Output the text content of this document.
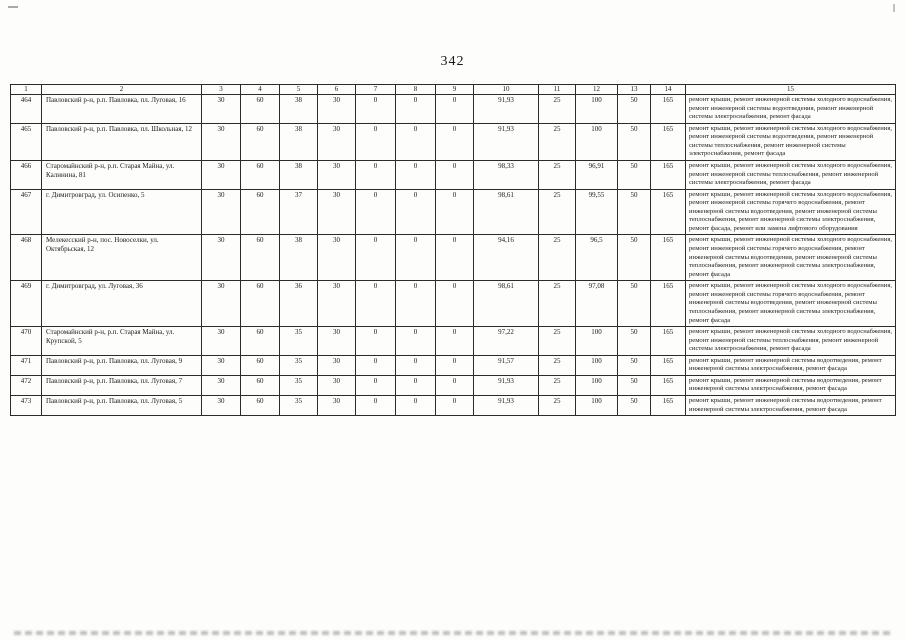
342
1	2	3	4	5	6	7	8	9	10	11	12	13	14	15
464	Павловский р-н, р.п. Павловка, пл. Луговая, 16	30	60	38	30	0	0	0	91,93	25	100	50	165	ремонт крыши, ремонт инженерной системы холодного водоснабжения, ремонт инженерной системы водоотведения, ремонт инженерной системы электроснабжения, ремонт фасада
465	Павловский р-н, р.п. Павловка, пл. Школьная, 12	30	60	38	30	0	0	0	91,93	25	100	50	165	ремонт крыши, ремонт инженерной системы холодного водоснабжения, ремонт инженерной системы водоотведения, ремонт инженерной системы теплоснабжения, ремонт инженерной системы электроснабжения, ремонт фасада
466	Старомайнский р-н, р.п. Старая Майна, ул. Калинина, 81	30	60	38	30	0	0	0	98,33	25	96,91	50	165	ремонт крыши, ремонт инженерной системы холодного водоснабжения, ремонт инженерной системы теплоснабжения, ремонт инженерной системы электроснабжения, ремонт фасада
467	г. Димитровград, ул. Осипенко, 5	30	60	37	30	0	0	0	98,61	25	99,55	50	165	ремонт крыши, ремонт инженерной системы холодного водоснабжения, ремонт инженерной системы горячего водоснабжения, ремонт инженерной системы водоотведения, ремонт инженерной системы теплоснабжения, ремонт инженерной системы электроснабжения, ремонт фасада, ремонт или замена лифтового оборудования
468	Мелекесский р-н, пос. Новоселки, ул. Октябрьская, 12	30	60	38	30	0	0	0	94,16	25	96,5	50	165	ремонт крыши, ремонт инженерной системы холодного водоснабжения, ремонт инженерной системы горячего водоснабжения, ремонт инженерной системы водоотведения, ремонт инженерной системы теплоснабжения, ремонт инженерной системы электроснабжения, ремонт фасада
469	г. Димитровград, ул. Луговая, 36	30	60	36	30	0	0	0	98,61	25	97,08	50	165	ремонт крыши, ремонт инженерной системы холодного водоснабжения, ремонт инженерной системы горячего водоснабжения, ремонт инженерной системы водоотведения, ремонт инженерной системы теплоснабжения, ремонт инженерной системы электроснабжения, ремонт фасада
470	Старомайнский р-н, р.п. Старая Майна, ул. Крупской, 5	30	60	35	30	0	0	0	97,22	25	100	50	165	ремонт крыши, ремонт инженерной системы холодного водоснабжения, ремонт инженерной системы теплоснабжения, ремонт инженерной системы электроснабжения, ремонт фасада
471	Павловский р-н, р.п. Павловка, пл. Луговая, 9	30	60	35	30	0	0	0	91,57	25	100	50	165	ремонт крыши, ремонт инженерной системы водоотведения, ремонт инженерной системы электроснабжения, ремонт фасада
472	Павловский р-н, р.п. Павловка, пл. Луговая, 7	30	60	35	30	0	0	0	91,93	25	100	50	165	ремонт крыши, ремонт инженерной системы водоотведения, ремонт инженерной системы электроснабжения, ремонт фасада
473	Павловский р-н, р.п. Павловка, пл. Луговая, 5	30	60	35	30	0	0	0	91,93	25	100	50	165	ремонт крыши, ремонт инженерной системы водоотведения, ремонт инженерной системы электроснабжения, ремонт фасада
